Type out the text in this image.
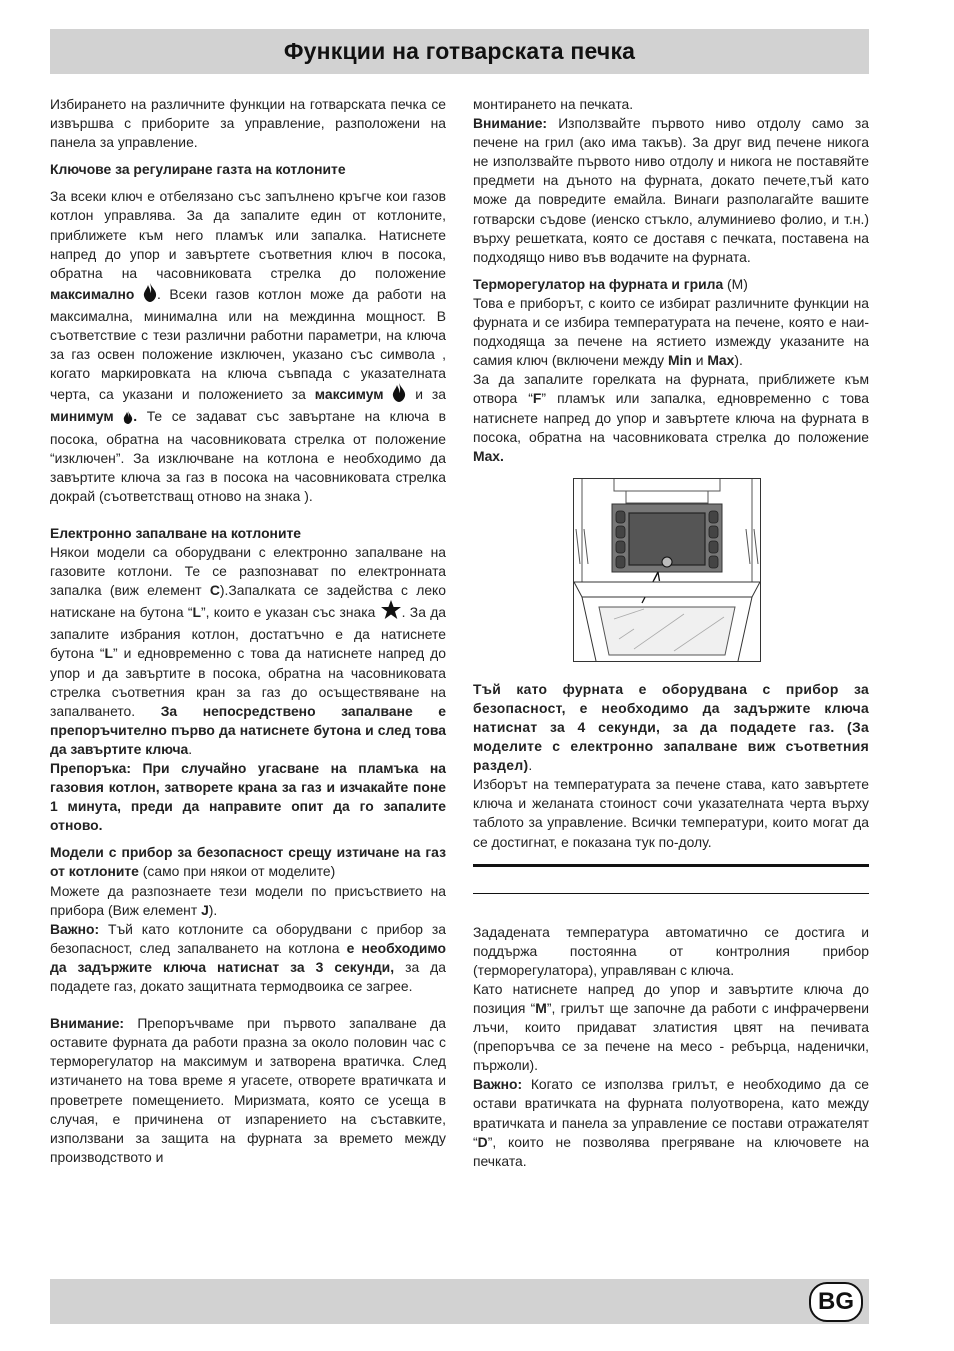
Функции на готварската печка

Избирането на различните функции на готварската печка се извършва с приборите за управление, разположени на панела за управление.

Ключове за регулиране газта на котлоните

За всеки ключ е отбелязано със запълнено кръгче кои газов котлон управлява. За да запалите един от котлоните, приближете към него пламък или запалка. Натиснете напред до упор и завъртете съответния ключ в посока, обратна на часовниковата стрелка до положение максимално . Всеки газов котлон може да работи на максимална, минимална или на междинна мощност. В съответствие с тези различни работни параметри, на ключа за газ освен положение изключен, указано със символа , когато маркировката на ключа съвпада с указателната черта, са указани и положението за максимум и за минимум . Те се задават със завъртане на ключа в посока, обратна на часовниковата стрелка от положение “изключен”. За изключване на котлона е необходимо да завъртите ключа за газ в посока на часовниковата стрелка докрай (съответстващ отново на знака ).

Електронно запалване на котлоните

Някои модели са оборудвани с електронно запалване на газовите котлони. Те се разпознават по електронната запалка (виж елемент C).Запалката се задейства с леко натискане на бутона “L”, които е указан със знака . За да запалите избрания котлон, достатъчно е да натиснете бутона “L” и едновременно с това да натиснете напред до упор и да завъртите в посока, обратна на часовниковата стрелка съответния кран за газ до осъществяване на запалването. За непосредствено запалване е препоръчително първо да натиснете бутона и след това да завъртите ключа.

Препоръка: При случайно угасване на пламъка на газовия котлон, затворете крана за газ и изчакайте поне 1 минута, преди да направите опит да го запалите отново.

Модели с прибор за безопасност срещу изтичане на газ от котлоните (само при някои от моделите)

Можете да разпознаете тези модели по присъствието на прибора (Виж елемент J).

Важно: Тъй като котлоните са оборудвани с прибор за безопасност, след запалването на котлона е необходимо да задържите ключа натиснат за 3 секунди, за да подадете газ, докато защитната термодвоика се загрее.

Внимание: Препоръчваме при първото запалване да оставите фурната да работи празна за около половин час с терморегулатор на максимум и затворена вратичка. След изтичането на това време я угасете, отворете вратичката и проветрете помещението. Миризмата, която се усеща в случая, е причинена от изпарението на съставките, използвани за защита на фурната за времето между производството и

монтирането на печката.

Внимание: Използвайте първото ниво отдолу само за печене на грил (ако има такъв). За друг вид печене никога не използвайте първото ниво отдолу и никога не поставяйте предмети на дъното на фурната, докато печете,тъй като може да повредите емайла. Винаги разполагайте вашите готварски съдове (иенско стъкло, алуминиево фолио, и т.н.) върху решетката, която се доставя с печката, поставена на подходящо ниво във водачите на фурната.

Терморегулатор на фурната и грила (М)

Това е приборът, с които се избират различните функции на фурната и се избира температурата на печене, която е наи-подходяща за печене на ястието измежду указаните на самия ключ (включени между Min и Max).

За да запалите горелката на фурната, приближете към отвора “F” пламък или запалка, едновременно с това натиснете напред до упор и завъртете ключа на фурната в посока, обратна на часовниковата стрелка до положение Max.

Тъй като фурната е оборудвана с прибор за безопасност, е необходимо да задържите ключа натиснат за 4 секунди, за да подадете газ. (За моделите с електронно запалване виж съответния раздел).

Изборът на температурата за печене става, като завъртете ключа и желаната стоиност сочи указателната черта върху таблото за управление. Всички температури, които могат да се достигнат, е показана тук по-долу.

Зададената температура автоматично се достига и поддържа постоянна от контролния прибор (терморегулатора), управляван с ключа.

Като натиснете напред до упор и завъртите ключа до позиция “M”, грилът ще започне да работи с инфрачервени лъчи, които придават златистия цвят на печивата (препоръчва се за печене на месо - ребърца, наденички, пържоли).

Важно: Когато се използва грилът, е необходимо да се остави вратичката на фурната полуотворена, като между вратичката и панела за управление се постави отражателят “D”, които не позволява прегряване на ключовете на печката.

BG
